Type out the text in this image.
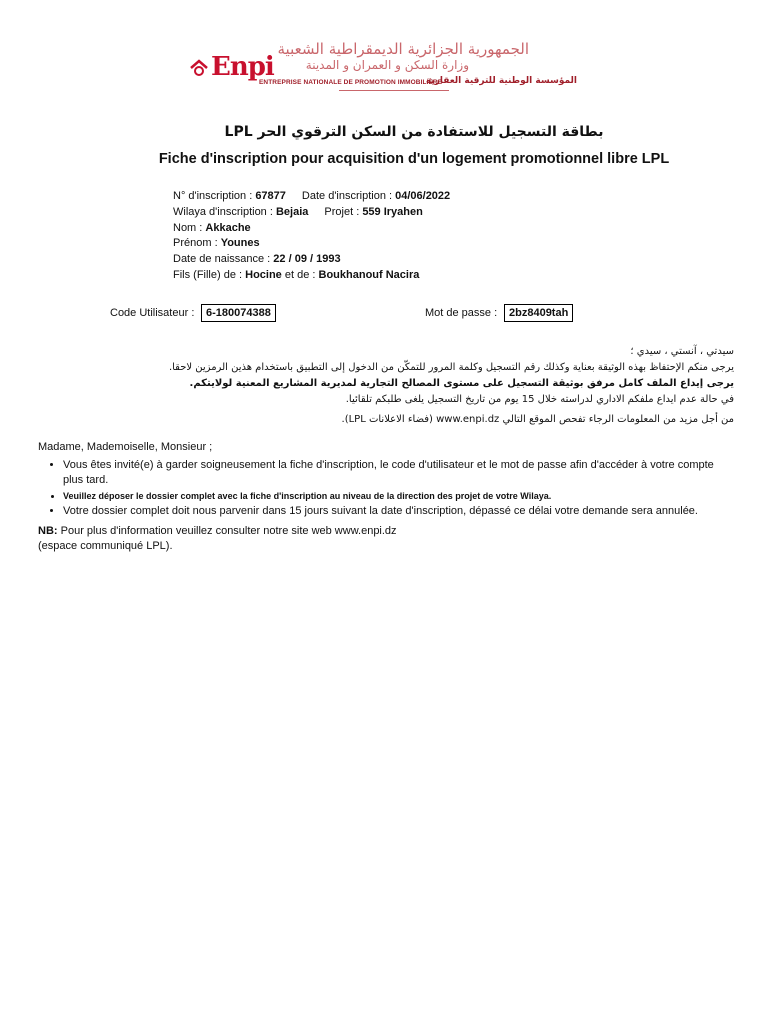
Enpi
الجمهورية الجزائرية الديمقراطية الشعبية
وزارة السكن و العمران و المدينة
ENTREPRISE NATIONALE DE PROMOTION IMMOBILIÈRE
المؤسسة الوطنية للترقية العقارية
بطاقة التسجيل للاستفادة من السكن الترقوي الحر LPL
Fiche d'inscription pour acquisition d'un logement promotionnel libre LPL
N° d'inscription : 67877 Date d'inscription : 04/06/2022
Wilaya d'inscription : Bejaia Projet : 559 Iryahen
Nom : Akkache
Prénom : Younes
Date de naissance : 22 / 09 / 1993
Fils (Fille) de : Hocine et de : Boukhanouf Nacira
Code Utilisateur :	6-180074388	Mot de passe :	2bz8409tah
سيدتي ، آنستي ، سيدي ؛
يرجى منكم الإحتفاظ بهذه الوثيقة بعناية وكذلك رقم التسجيل وكلمة المرور للتمكّن من الدخول إلى التطبيق باستخدام هذين الرمزين لاحقا.
يرجى إيداع الملف كامل مرفق بوثيقة التسجيل على مستوى المصالح التجارية لمديرية المشاريع المعنية لولايتكم.
في حالة عدم ايداع ملفكم الاداري لدراسته خلال 15 يوم من تاريخ التسجيل يلغى طلبكم تلقائيا.
من أجل مزيد من المعلومات الرجاء تفحص الموقع التالي www.enpi.dz (فضاء الاعلانات LPL).
Madame, Mademoiselle, Monsieur ;
• Vous êtes invité(e) à garder soigneusement la fiche d'inscription, le code d'utilisateur et le mot de passe afin d'accéder à votre compte plus tard.
• Veuillez déposer le dossier complet avec la fiche d'inscription au niveau de la direction des projet de votre Wilaya.
• Votre dossier complet doit nous parvenir dans 15 jours suivant la date d'inscription, dépassé ce délai votre demande sera annulée.
NB: Pour plus d'information veuillez consulter notre site web www.enpi.dz
(espace communiqué LPL).
